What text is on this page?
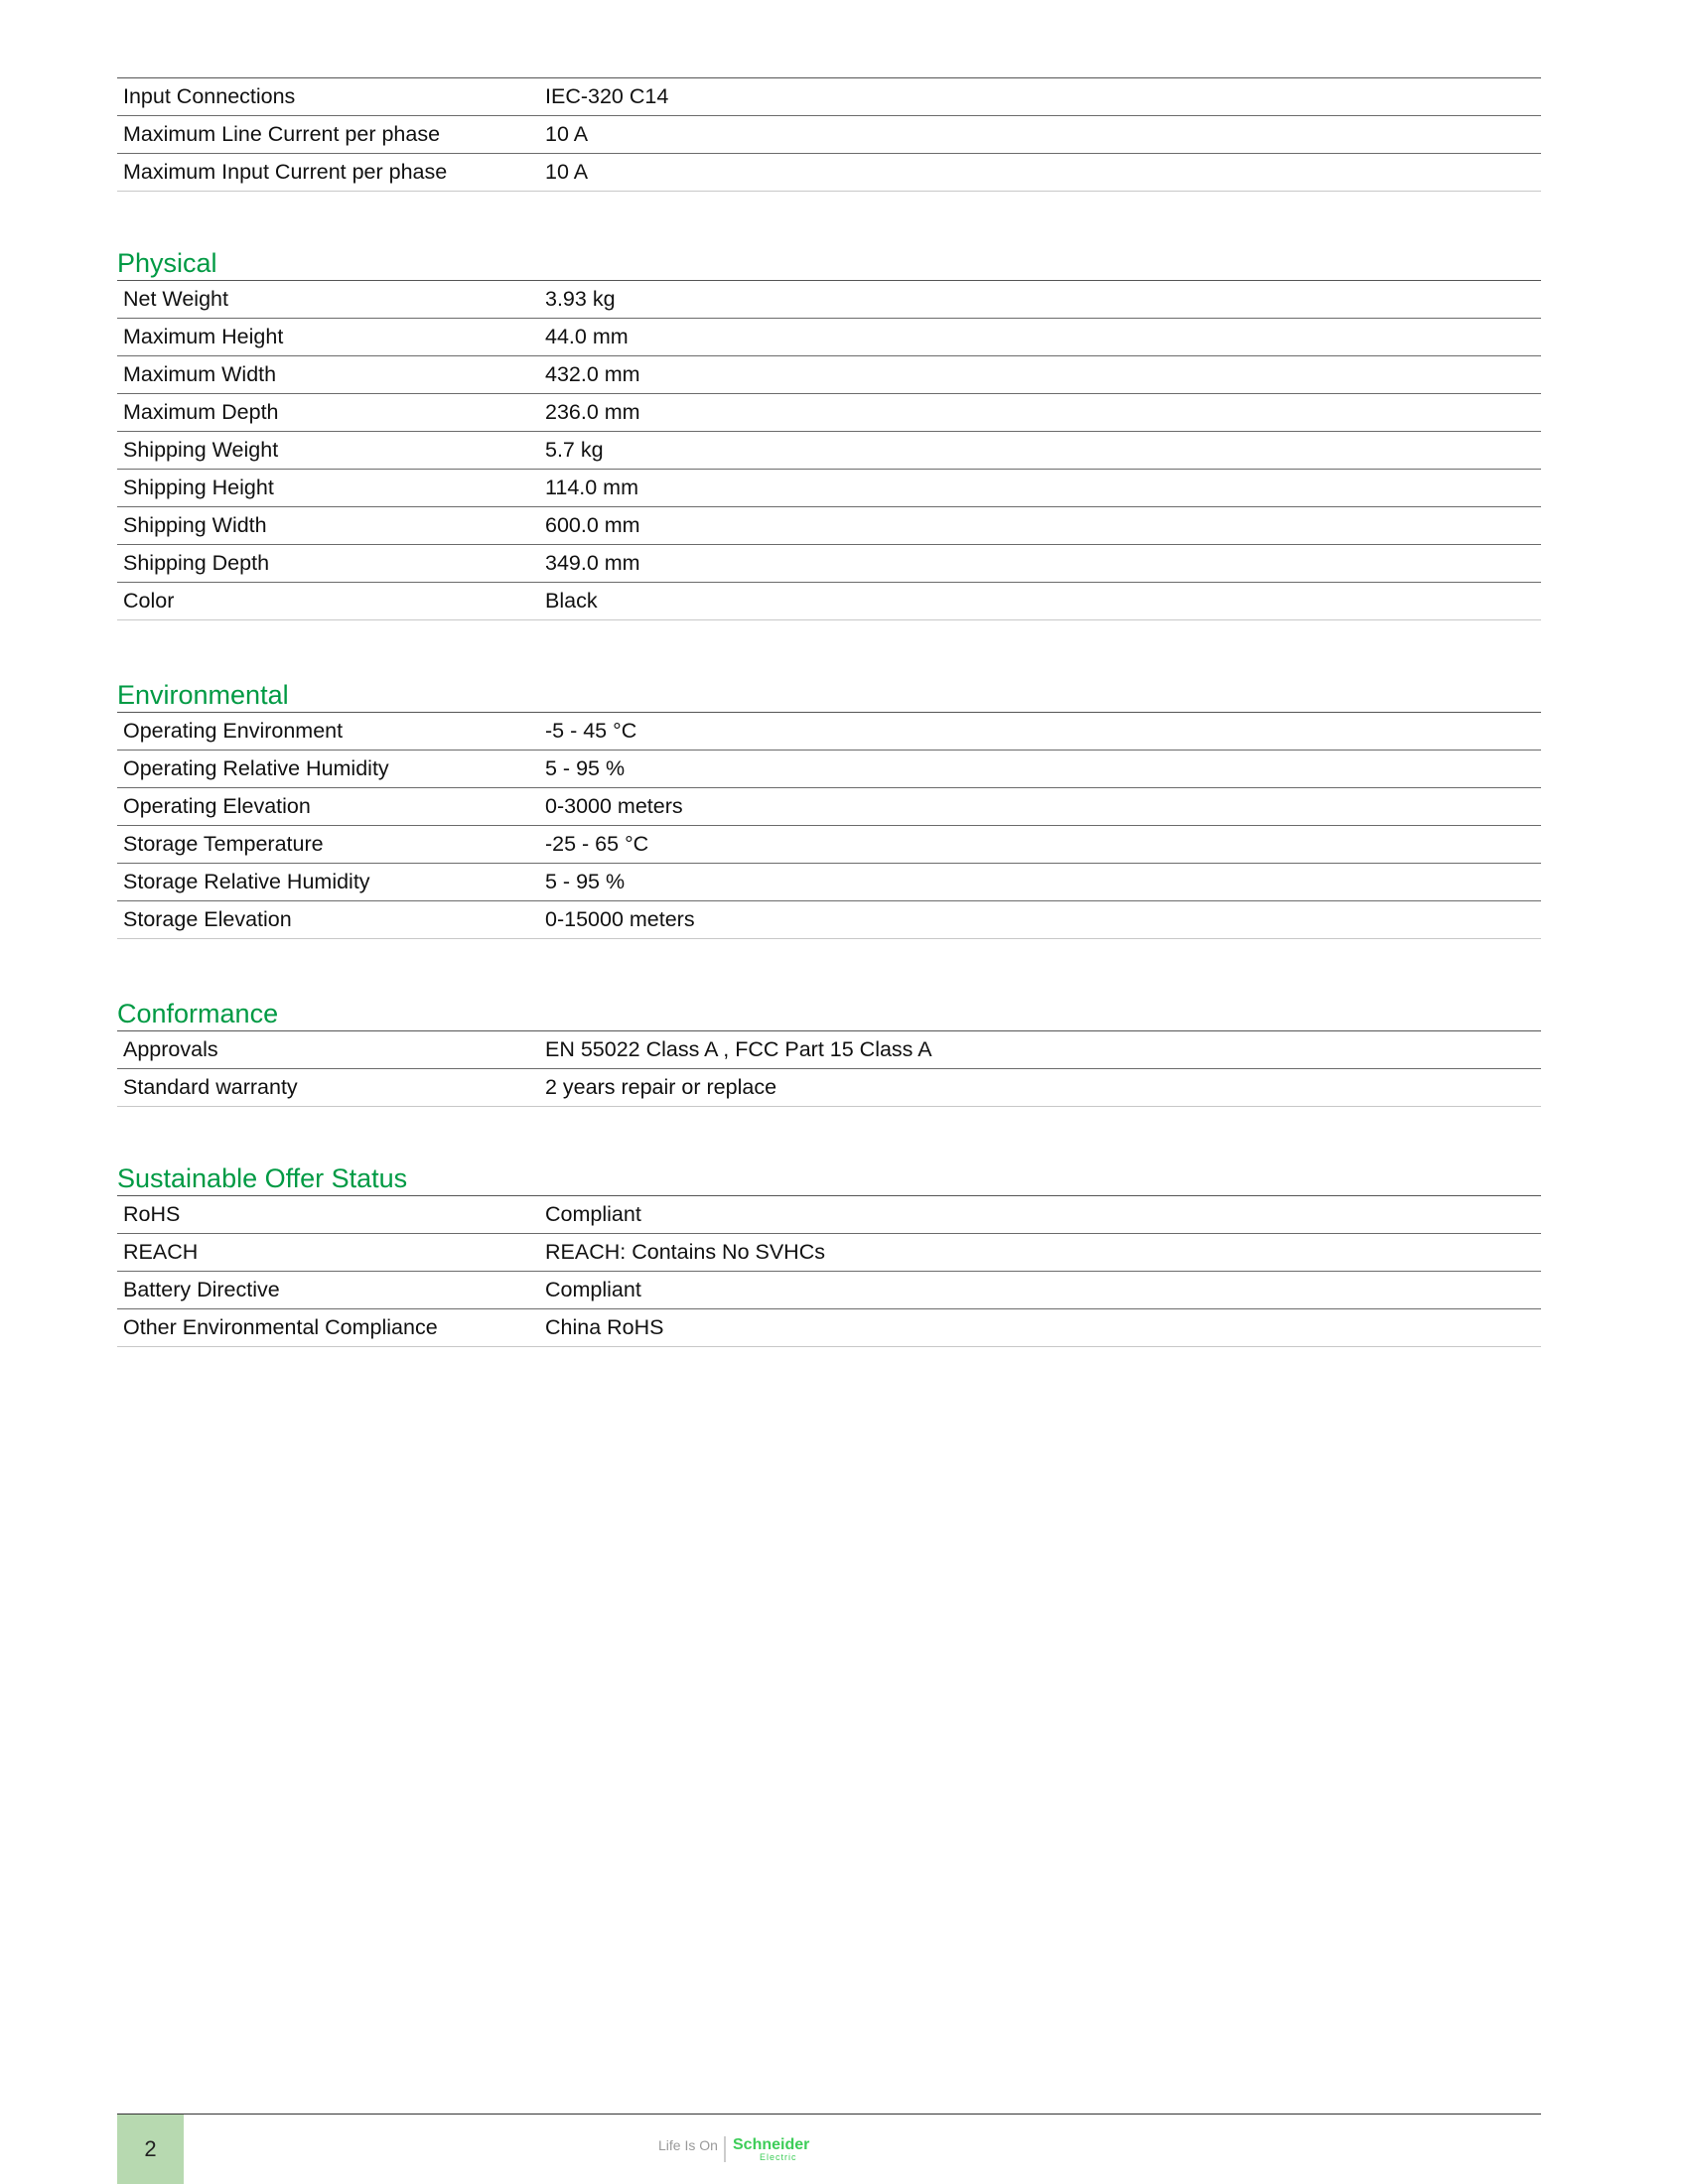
Input Connections	IEC-320 C14
Maximum Line Current per phase	10 A
Maximum Input Current per phase	10 A
Physical
Net Weight	3.93 kg
Maximum Height	44.0 mm
Maximum Width	432.0 mm
Maximum Depth	236.0 mm
Shipping Weight	5.7 kg
Shipping Height	114.0 mm
Shipping Width	600.0 mm
Shipping Depth	349.0 mm
Color	Black
Environmental
Operating Environment	-5 - 45 °C
Operating Relative Humidity	5 - 95 %
Operating Elevation	0-3000 meters
Storage Temperature	-25 - 65 °C
Storage Relative Humidity	5 - 95 %
Storage Elevation	0-15000 meters
Conformance
Approvals	EN 55022 Class A , FCC Part 15 Class A
Standard warranty	2 years repair or replace
Sustainable Offer Status
RoHS	Compliant
REACH	REACH: Contains No SVHCs
Battery Directive	Compliant
Other Environmental Compliance	China RoHS
2	Life Is On Schneider
Electric
